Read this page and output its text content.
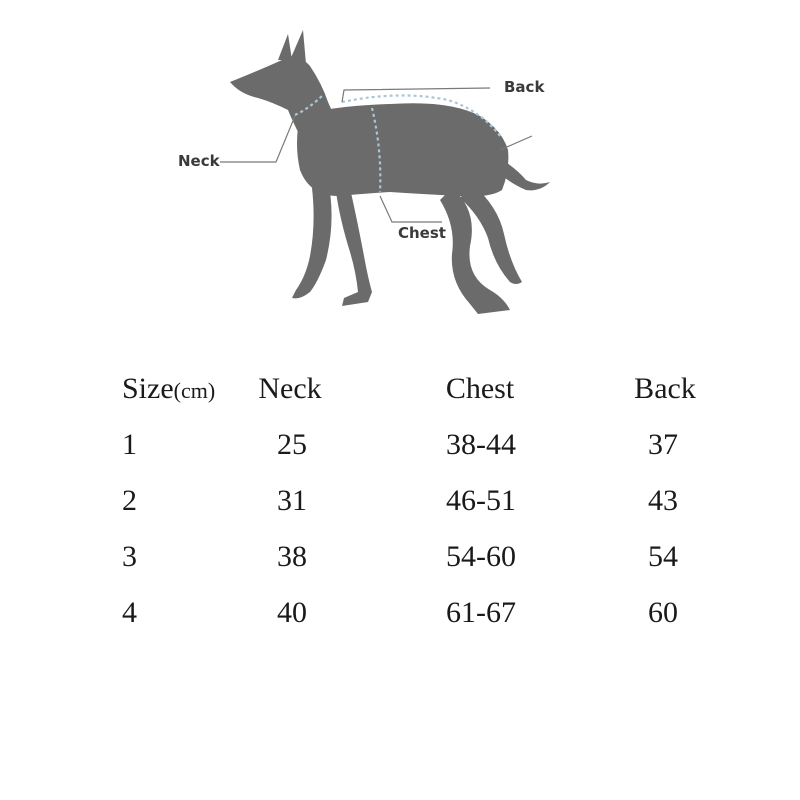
Neck
Chest
Back
Size(cm) Neck	Chest	Back
1	25	38-44	37
2	31	46-51	43
3	38	54-60	54
4	40	61-67	60
